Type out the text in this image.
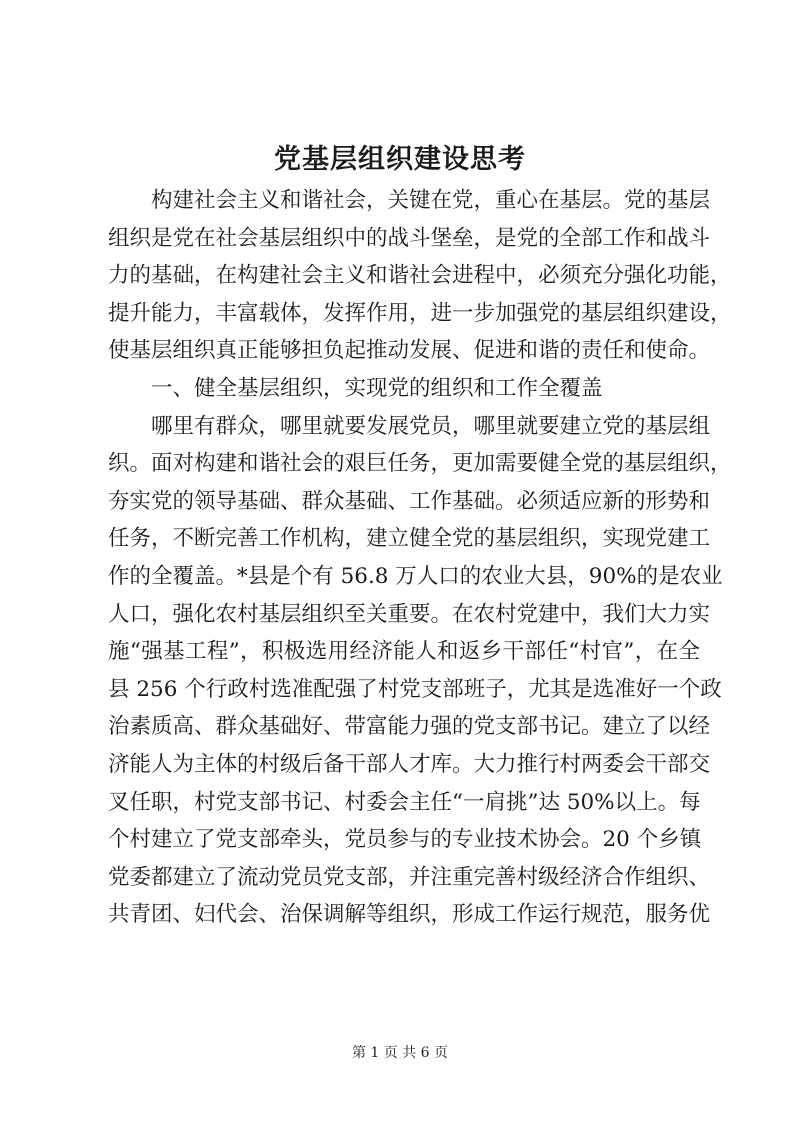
党基层组织建设思考
构建社会主义和谐社会，关键在党，重心在基层。党的基层
组织是党在社会基层组织中的战斗堡垒，是党的全部工作和战斗
力的基础，在构建社会主义和谐社会进程中，必须充分强化功能，
提升能力，丰富载体，发挥作用，进一步加强党的基层组织建设，
使基层组织真正能够担负起推动发展、促进和谐的责任和使命。
一、健全基层组织，实现党的组织和工作全覆盖
哪里有群众，哪里就要发展党员，哪里就要建立党的基层组
织。面对构建和谐社会的艰巨任务，更加需要健全党的基层组织，
夯实党的领导基础、群众基础、工作基础。必须适应新的形势和
任务，不断完善工作机构，建立健全党的基层组织，实现党建工
作的全覆盖。*县是个有 56.8 万人口的农业大县，90%的是农业
人口，强化农村基层组织至关重要。在农村党建中，我们大力实
施“强基工程”，积极选用经济能人和返乡干部任“村官”，在全
县 256 个行政村选准配强了村党支部班子，尤其是选准好一个政
治素质高、群众基础好、带富能力强的党支部书记。建立了以经
济能人为主体的村级后备干部人才库。大力推行村两委会干部交
叉任职，村党支部书记、村委会主任“一肩挑”达 50%以上。每
个村建立了党支部牵头，党员参与的专业技术协会。20 个乡镇
党委都建立了流动党员党支部，并注重完善村级经济合作组织、
共青团、妇代会、治保调解等组织，形成工作运行规范，服务优
第 1 页 共 6 页
